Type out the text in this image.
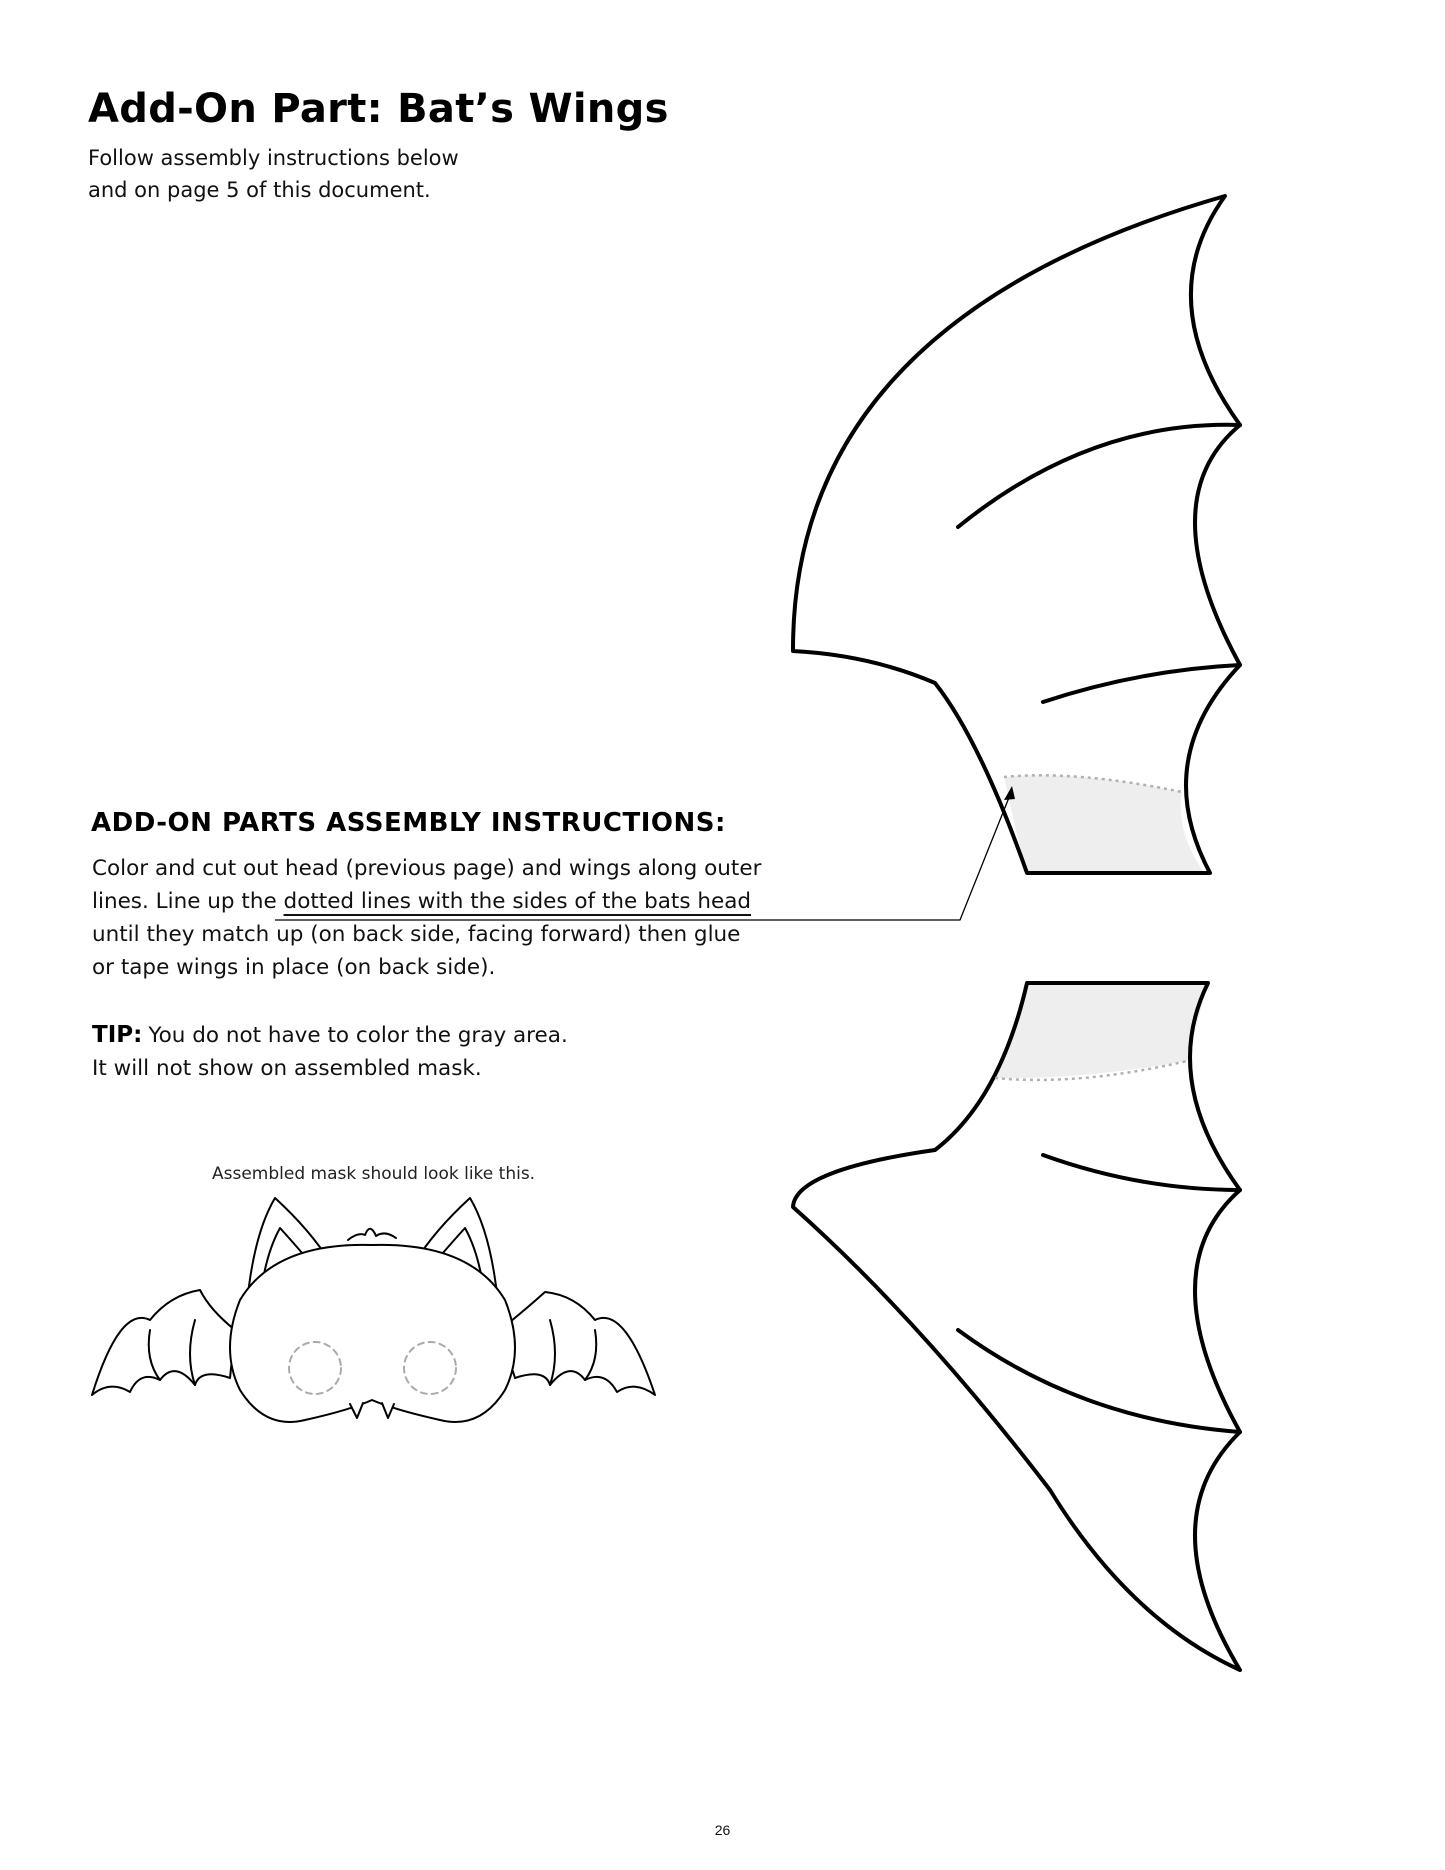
Add-On Part: Bat’s Wings
Follow assembly instructions below
and on page 5 of this document.
ADD-ON PARTS ASSEMBLY INSTRUCTIONS:
Color and cut out head (previous page) and wings along outer
lines. Line up the dotted lines with the sides of the bats head
until they match up (on back side, facing forward) then glue
or tape wings in place (on back side).
TIP: You do not have to color the gray area.
It will not show on assembled mask.
Assembled mask should look like this.
26
